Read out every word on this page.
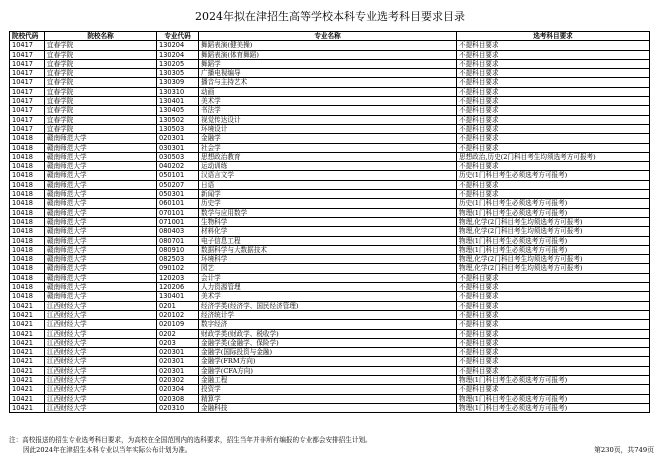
2024年拟在津招生高等学校本科专业选考科目要求目录
院校代码	院校名称	专业代码	专业名称	选考科目要求
10417	宜春学院	130204	舞蹈表演(健美操)	不提科目要求
10417	宜春学院	130204	舞蹈表演(体育舞蹈)	不提科目要求
10417	宜春学院	130205	舞蹈学	不提科目要求
10417	宜春学院	130305	广播电视编导	不提科目要求
10417	宜春学院	130309	播音与主持艺术	不提科目要求
10417	宜春学院	130310	动画	不提科目要求
10417	宜春学院	130401	美术学	不提科目要求
10417	宜春学院	130405	书法学	不提科目要求
10417	宜春学院	130502	视觉传达设计	不提科目要求
10417	宜春学院	130503	环境设计	不提科目要求
10418	赣南师范大学	020301	金融学	不提科目要求
10418	赣南师范大学	030301	社会学	不提科目要求
10418	赣南师范大学	030503	思想政治教育	思想政治,历史(2门科目考生均须选考方可报考)
10418	赣南师范大学	040202	运动训练	不提科目要求
10418	赣南师范大学	050101	汉语言文学	历史(1门科目考生必须选考方可报考)
10418	赣南师范大学	050207	日语	不提科目要求
10418	赣南师范大学	050301	新闻学	不提科目要求
10418	赣南师范大学	060101	历史学	历史(1门科目考生必须选考方可报考)
10418	赣南师范大学	070101	数学与应用数学	物理(1门科目考生必须选考方可报考)
10418	赣南师范大学	071001	生物科学	物理,化学(2门科目考生均须选考方可报考)
10418	赣南师范大学	080403	材料化学	物理,化学(2门科目考生均须选考方可报考)
10418	赣南师范大学	080701	电子信息工程	物理(1门科目考生必须选考方可报考)
10418	赣南师范大学	080910	数据科学与大数据技术	物理(1门科目考生必须选考方可报考)
10418	赣南师范大学	082503	环境科学	物理,化学(2门科目考生均须选考方可报考)
10418	赣南师范大学	090102	园艺	物理,化学(2门科目考生均须选考方可报考)
10418	赣南师范大学	120203	会计学	不提科目要求
10418	赣南师范大学	120206	人力资源管理	不提科目要求
10418	赣南师范大学	130401	美术学	不提科目要求
10421	江西财经大学	0201	经济学类(经济学、国民经济管理)	不提科目要求
10421	江西财经大学	020102	经济统计学	不提科目要求
10421	江西财经大学	020109	数字经济	不提科目要求
10421	江西财经大学	0202	财政学类(财政学、税收学)	不提科目要求
10421	江西财经大学	0203	金融学类(金融学、保险学)	不提科目要求
10421	江西财经大学	020301	金融学(国际投资与金融)	不提科目要求
10421	江西财经大学	020301	金融学(FRM方向)	不提科目要求
10421	江西财经大学	020301	金融学(CFA方向)	不提科目要求
10421	江西财经大学	020302	金融工程	物理(1门科目考生必须选考方可报考)
10421	江西财经大学	020304	投资学	不提科目要求
10421	江西财经大学	020308	精算学	物理(1门科目考生必须选考方可报考)
10421	江西财经大学	020310	金融科技	物理(1门科目考生必须选考方可报考)
注：高校报送的招生专业选考科目要求，为高校在全国范围内的选科要求，招生当年并非所有编报的专业都会安排招生计划。
因此2024年在津招生本科专业以当年实际公布计划为准。	第230页，共749页
